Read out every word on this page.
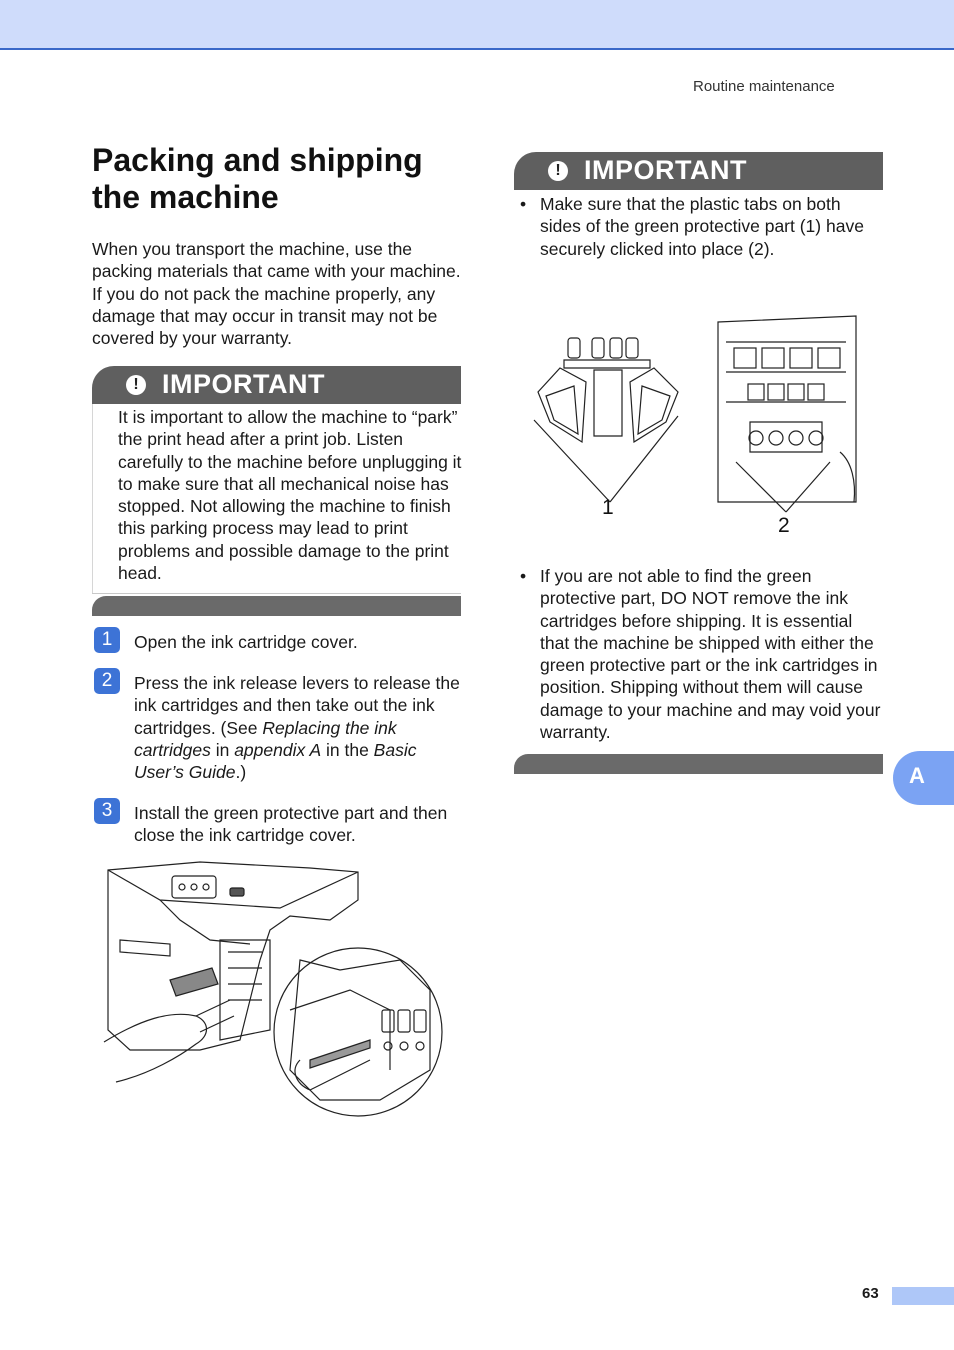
Routine maintenance
Packing and shipping the machine

When you transport the machine, use the packing materials that came with your machine. If you do not pack the machine properly, any damage that may occur in transit may not be covered by your warranty.

! IMPORTANT

It is important to allow the machine to “park” the print head after a print job. Listen carefully to the machine before unplugging it to make sure that all mechanical noise has stopped. Not allowing the machine to finish this parking process may lead to print problems and possible damage to the print head.

1	Open the ink cartridge cover.

2	Press the ink release levers to release the ink cartridges and then take out the ink cartridges. (See Replacing the ink cartridges in appendix A in the Basic User’s Guide.)

3	Install the green protective part and then close the ink cartridge cover.

! IMPORTANT
• Make sure that the plastic tabs on both sides of the green protective part (1) have securely clicked into place (2).

1
2
• If you are not able to find the green protective part, DO NOT remove the ink cartridges before shipping. It is essential that the machine be shipped with either the green protective part or the ink cartridges in position. Shipping without them will cause damage to your machine and may void your warranty.

A
63
